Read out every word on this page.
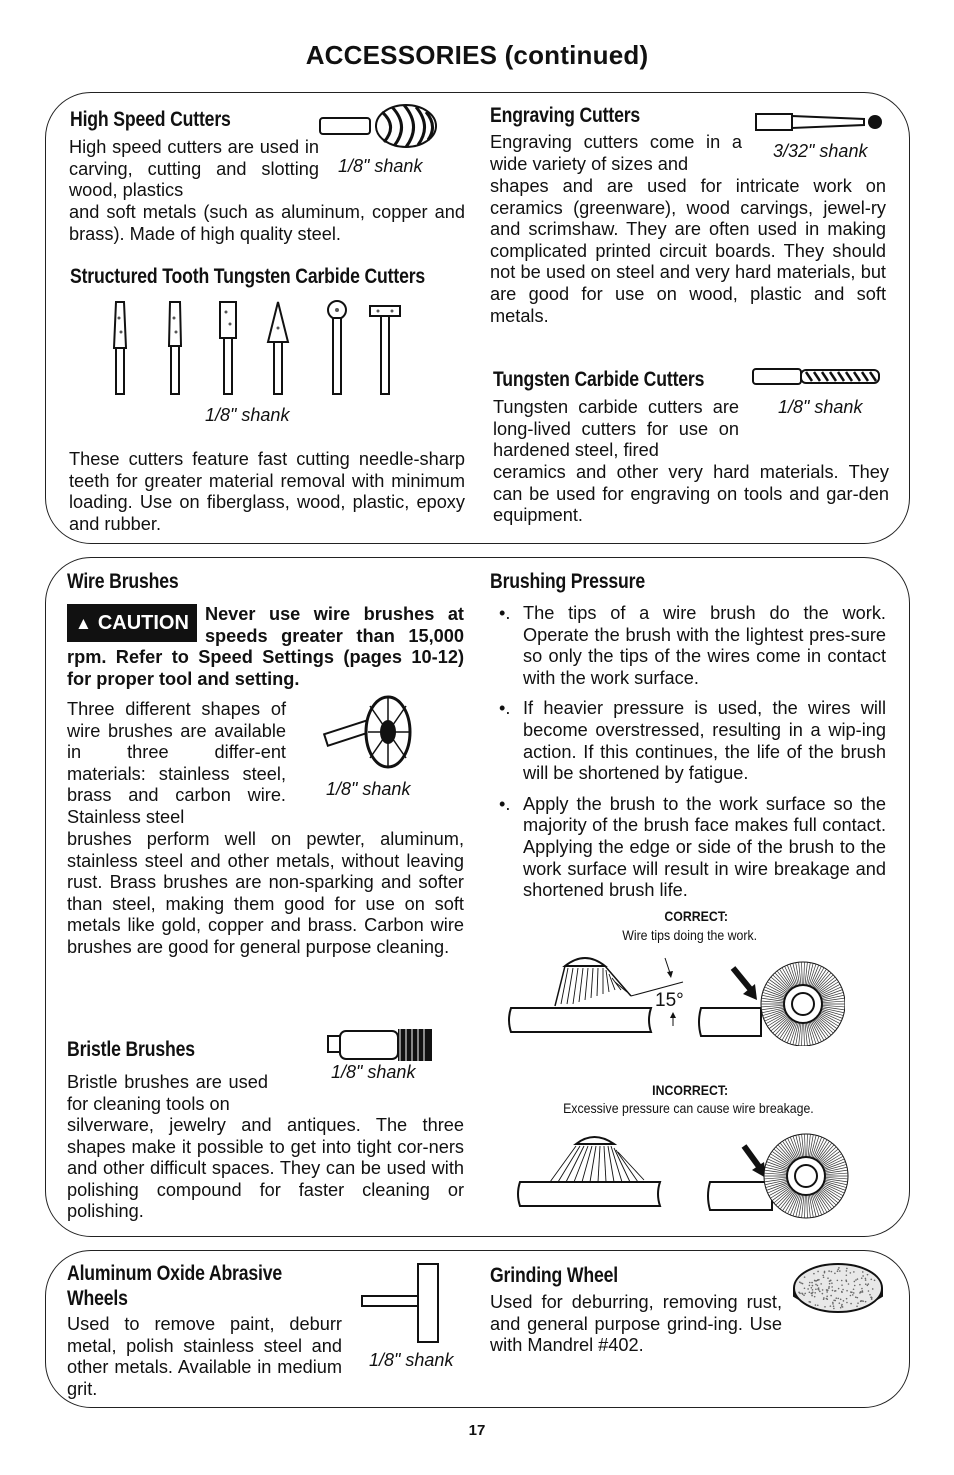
ACCESSORIES (continued)
High Speed Cutters
High speed cutters are used in carving, cutting and slotting wood, plastics
and soft metals (such as aluminum, copper and brass). Made of high quality steel.
1/8" shank
Structured Tooth Tungsten Carbide Cutters
1/8" shank
These cutters feature fast cutting needle-sharp teeth for greater material removal with minimum loading. Use on fiberglass, wood, plastic, epoxy and rubber.
Engraving Cutters
Engraving cutters come in a wide variety of sizes and
shapes and are used for intricate work on ceramics (greenware), wood carvings, jewel-ry and scrimshaw. They are often used in making complicated printed circuit boards. They should not be used on steel and very hard materials, but are good for use on wood, plastic and soft metals.
3/32" shank
Tungsten Carbide Cutters
Tungsten carbide cutters are long-lived cutters for use on hardened steel, fired
ceramics and other very hard materials. They can be used for engraving on tools and gar-den equipment.
1/8" shank
Wire Brushes
▲ CAUTION Never use wire brushes at speeds greater than 15,000 rpm. Refer to Speed Settings (pages 10-12) for proper tool and setting.
Three different shapes of wire brushes are available in three differ-ent materials: stainless steel, brass and carbon wire. Stainless steel
brushes perform well on pewter, aluminum, stainless steel and other metals, without leaving rust. Brass brushes are non-sparking and softer than steel, making them good for use on soft metals like gold, copper and brass. Carbon wire brushes are good for general purpose cleaning.
1/8" shank
Bristle Brushes
Bristle brushes are used for cleaning tools on
silverware, jewelry and antiques. The three shapes make it possible to get into tight cor-ners and other difficult spaces. They can be used with polishing compound for faster cleaning or polishing.
1/8" shank
Brushing Pressure
•. The tips of a wire brush do the work. Operate the brush with the lightest pres-sure so only the tips of the wires come in contact with the work surface.
•. If heavier pressure is used, the wires will become overstressed, resulting in a wip-ing action. If this continues, the life of the brush will be shortened by fatigue.
•. Apply the brush to the work surface so the majority of the brush face makes full contact. Applying the edge or side of the brush to the work surface will result in wire breakage and shortened brush life.
CORRECT:
Wire tips doing the work.
15°
INCORRECT:
Excessive pressure can cause wire breakage.
Aluminum Oxide Abrasive
Wheels
Used to remove paint, deburr metal, polish stainless steel and other metals. Available in medium grit.
1/8" shank
Grinding Wheel
Used for deburring, removing rust, and general purpose grind-ing. Use with Mandrel #402.
17
